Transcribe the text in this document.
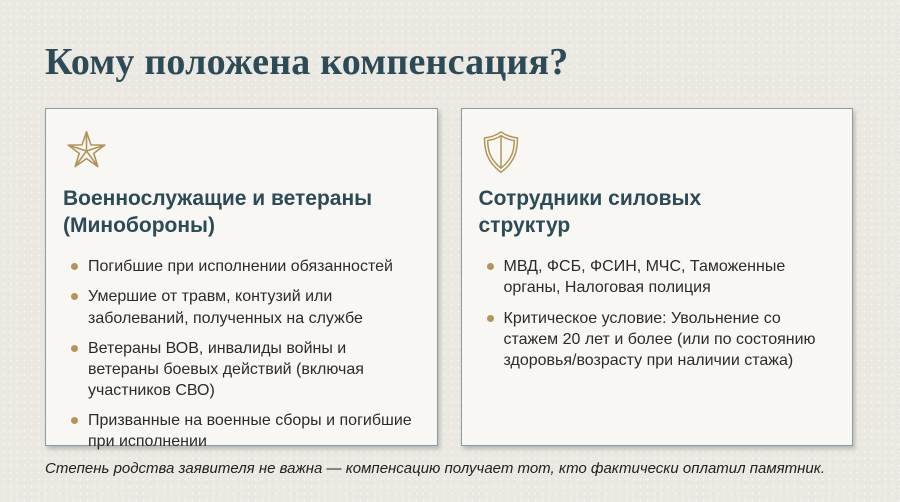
Кому положена компенсация?
Военнослужащие и ветераны (Минобороны)
Погибшие при исполнении обязанностей
Умершие от травм, контузий или заболеваний, полученных на службе
Ветераны ВОВ, инвалиды войны и ветераны боевых действий (включая участников СВО)
Призванные на военные сборы и погибшие при исполнении
Сотрудники силовых структур
МВД, ФСБ, ФСИН, МЧС, Таможенные органы, Налоговая полиция
Критическое условие: Увольнение со стажем 20 лет и более (или по состоянию здоровья/возрасту при наличии стажа)

Степень родства заявителя не важна — компенсацию получает тот, кто фактически оплатил памятник.
